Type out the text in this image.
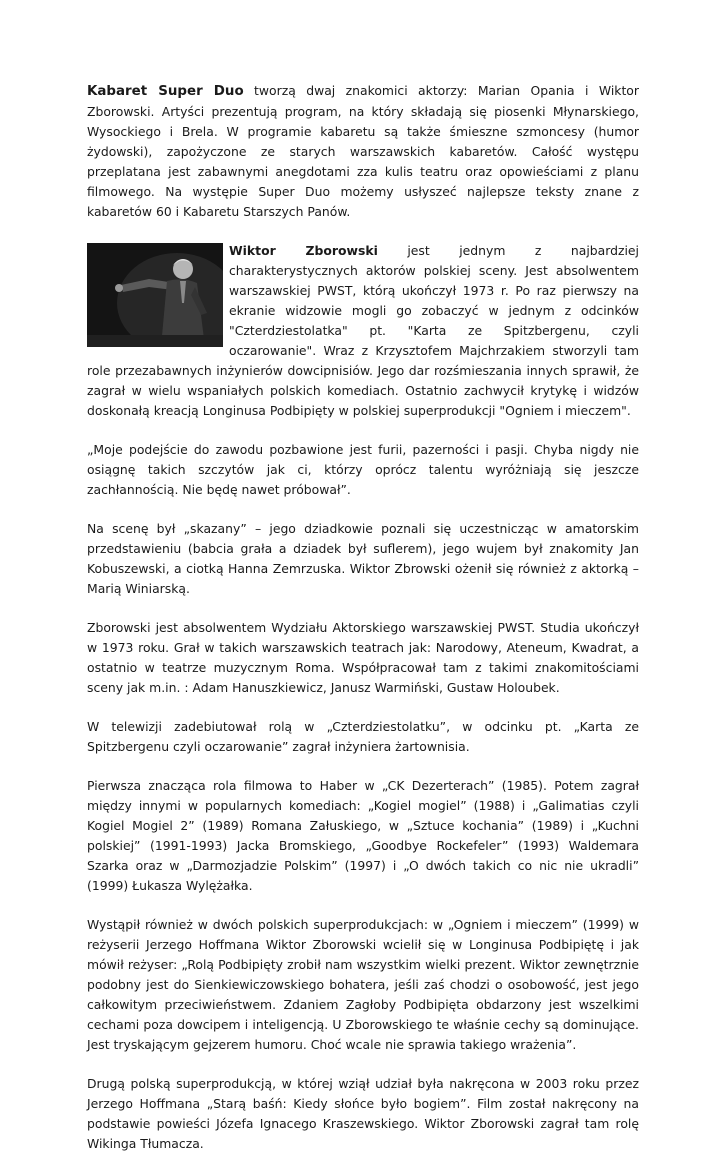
Kabaret Super Duo tworzą dwaj znakomici aktorzy: Marian Opania i Wiktor Zborowski. Artyści prezentują program, na który składają się piosenki Młynarskiego, Wysockiego i Brela. W programie kabaretu są także śmieszne szmoncesy (humor żydowski), zapożyczone ze starych warszawskich kabaretów. Całość występu przeplatana jest zabawnymi anegdotami zza kulis teatru oraz opowieściami z planu filmowego. Na występie Super Duo możemy usłyszeć najlepsze teksty znane z kabaretów 60 i Kabaretu Starszych Panów.

Wiktor Zborowski jest jednym z najbardziej charakterystycznych aktorów polskiej sceny. Jest absolwentem warszawskiej PWST, którą ukończył 1973 r. Po raz pierwszy na ekranie widzowie mogli go zobaczyć w jednym z odcinków "Czterdziestolatka" pt. "Karta ze Spitzbergenu, czyli oczarowanie". Wraz z Krzysztofem Majchrzakiem stworzyli tam role przezabawnych inżynierów dowcipnisiów. Jego dar rozśmieszania innych sprawił, że zagrał w wielu wspaniałych polskich komediach. Ostatnio zachwycił krytykę i widzów doskonałą kreacją Longinusa Podbipięty w polskiej superprodukcji "Ogniem i mieczem".

„Moje podejście do zawodu pozbawione jest furii, pazerności i pasji. Chyba nigdy nie osiągnę takich szczytów jak ci, którzy oprócz talentu wyróżniają się jeszcze zachłannością. Nie będę nawet próbował”.

Na scenę był „skazany” – jego dziadkowie poznali się uczestnicząc w amatorskim przedstawieniu (babcia grała a dziadek był suflerem), jego wujem był znakomity Jan Kobuszewski, a ciotką Hanna Zemrzuska. Wiktor Zbrowski ożenił się również z aktorką – Marią Winiarską.

Zborowski jest absolwentem Wydziału Aktorskiego warszawskiej PWST. Studia ukończył w 1973 roku. Grał w takich warszawskich teatrach jak: Narodowy, Ateneum, Kwadrat, a ostatnio w teatrze muzycznym Roma. Współpracował tam z takimi znakomitościami sceny jak m.in. : Adam Hanuszkiewicz, Janusz Warmiński, Gustaw Holoubek.

W telewizji zadebiutował rolą w „Czterdziestolatku”, w odcinku pt. „Karta ze Spitzbergenu czyli oczarowanie” zagrał inżyniera żartownisia.

Pierwsza znacząca rola filmowa to Haber w „CK Dezerterach” (1985). Potem zagrał między innymi w popularnych komediach: „Kogiel mogiel” (1988) i „Galimatias czyli Kogiel Mogiel 2” (1989) Romana Załuskiego, w „Sztuce kochania” (1989) i „Kuchni polskiej” (1991-1993) Jacka Bromskiego, „Goodbye Rockefeler” (1993) Waldemara Szarka oraz w „Darmozjadzie Polskim” (1997) i „O dwóch takich co nic nie ukradli” (1999) Łukasza Wylężałka.

Wystąpił również w dwóch polskich superprodukcjach: w „Ogniem i mieczem” (1999) w reżyserii Jerzego Hoffmana Wiktor Zborowski wcielił się w Longinusa Podbipiętę i jak mówił reżyser: „Rolą Podbipięty zrobił nam wszystkim wielki prezent. Wiktor zewnętrznie podobny jest do Sienkiewiczowskiego bohatera, jeśli zaś chodzi o osobowość, jest jego całkowitym przeciwieństwem. Zdaniem Zagłoby Podbipięta obdarzony jest wszelkimi cechami poza dowcipem i inteligencją. U Zborowskiego te właśnie cechy są dominujące. Jest tryskającym gejzerem humoru. Choć wcale nie sprawia takiego wrażenia”.

Drugą polską superprodukcją, w której wziął udział była nakręcona w 2003 roku przez Jerzego Hoffmana „Starą baśń: Kiedy słońce było bogiem”. Film został nakręcony na podstawie powieści Józefa Ignacego Kraszewskiego. Wiktor Zborowski zagrał tam rolę Wikinga Tłumacza.
